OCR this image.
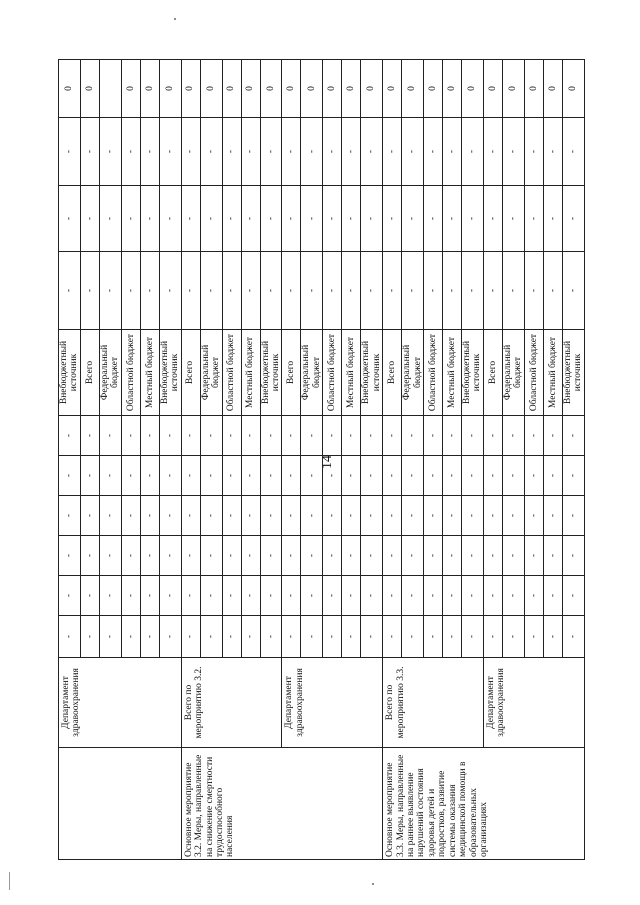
14
	Департамент здравоохранения	-	-	-	-	-	-	Внебюджетный источник	-	-	-	0
		-	-	-	-	-	-	Всего	-	-	-	0
		-	-	-	-	-	-	Федеральный бюджет	-	-	-	
		-	-	-	-	-	-	Областной бюджет	-	-	-	0
		-	-	-	-	-	-	Местный бюджет	-	-	-	0
		-	-	-	-	-	-	Внебюджетный источник	-	-	-	0
Основное мероприятие 3.2. Меры, направленные на снижение смертности трудоспособного населения	Всего по мероприятию 3.2.	-	-	-	-	-	-	Всего	-	-	-	0
		-	-	-	-	-	-	Федеральный бюджет	-	-	-	0
		-	-	-	-	-	-	Областной бюджет	-	-	-	0
		-	-	-	-	-	-	Местный бюджет	-	-	-	0
		-	-	-	-	-	-	Внебюджетный источник	-	-	-	0
	Департамент здравоохранения	-	-	-	-	-	-	Всего	-	-	-	0
		-	-	-	-	-	-	Федеральный бюджет	-	-	-	0
		-	-	-	-	-	-	Областной бюджет	-	-	-	0
		-	-	-	-	-	-	Местный бюджет	-	-	-	0
		-	-	-	-	-	-	Внебюджетный источник	-	-	-	0
Основное мероприятие 3.3. Меры, направленные на раннее выявление нарушений состояния здоровья детей и подростков, развитие системы оказания медицинской помощи в образовательных организациях	Всего по мероприятию 3.3.	-	-	-	-	-	-	Всего	-	-	-	0
		-	-	-	-	-	-	Федеральный бюджет	-	-	-	0
		-	-	-	-	-	-	Областной бюджет	-	-	-	0
		-	-	-	-	-	-	Местный бюджет	-	-	-	0
		-	-	-	-	-	-	Внебюджетный источник	-	-	-	0
	Департамент здравоохранения	-	-	-	-	-	-	Всего	-	-	-	0
		-	-	-	-	-	-	Федеральный бюджет	-	-	-	0
		-	-	-	-	-	-	Областной бюджет	-	-	-	0
		-	-	-	-	-	-	Местный бюджет	-	-	-	0
		-	-	-	-	-	-	Внебюджетный источник	-	-	-	0
